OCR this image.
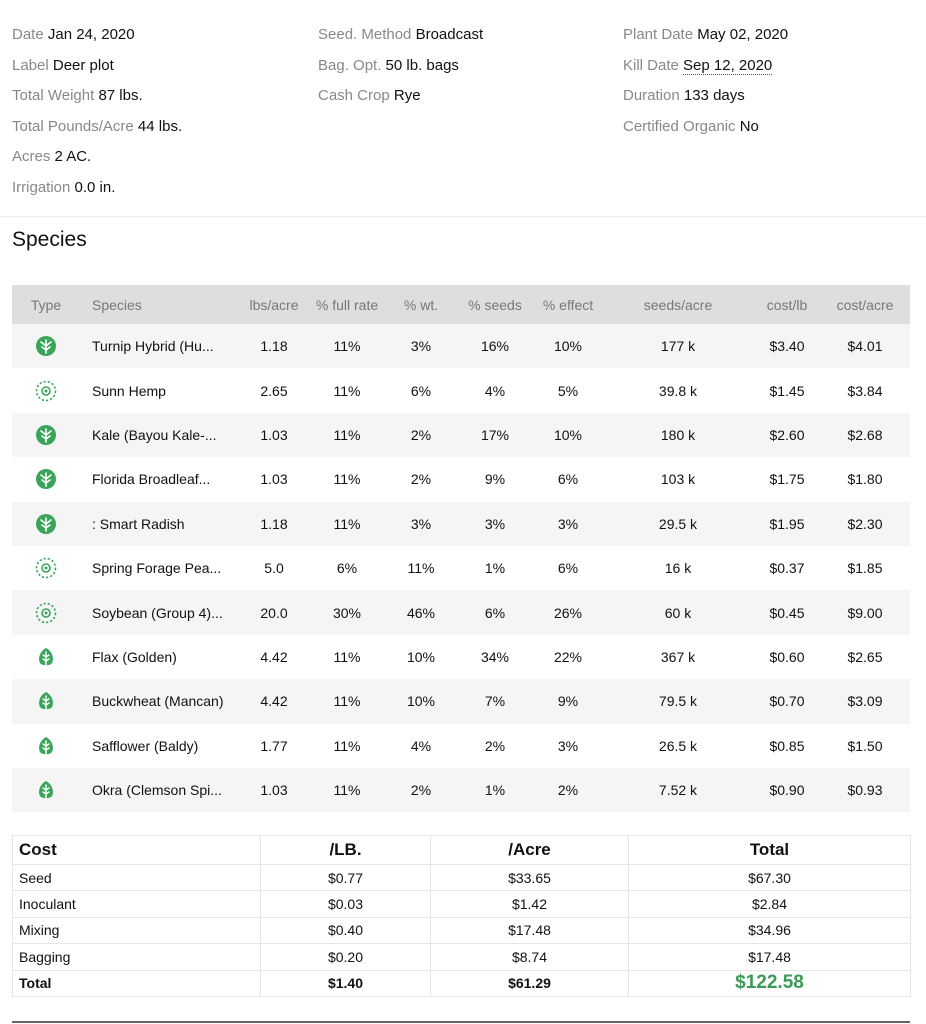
Date Jan 24, 2020
Label Deer plot
Total Weight 87 lbs.
Total Pounds/Acre 44 lbs.
Acres 2 AC.
Irrigation 0.0 in.
Seed. Method Broadcast
Bag. Opt. 50 lb. bags
Cash Crop Rye
Plant Date May 02, 2020
Kill Date Sep 12, 2020
Duration 133 days
Certified Organic No
Species
Type	Species	lbs/acre	% full rate	% wt.	% seeds	% effect	seeds/acre	cost/lb	cost/acre
	Turnip Hybrid (Hu...	1.18	11%	3%	16%	10%	177 k	$3.40	$4.01
	Sunn Hemp	2.65	11%	6%	4%	5%	39.8 k	$1.45	$3.84
	Kale (Bayou Kale-...	1.03	11%	2%	17%	10%	180 k	$2.60	$2.68
	Florida Broadleaf...	1.03	11%	2%	9%	6%	103 k	$1.75	$1.80
	: Smart Radish	1.18	11%	3%	3%	3%	29.5 k	$1.95	$2.30
	Spring Forage Pea...	5.0	6%	11%	1%	6%	16 k	$0.37	$1.85
	Soybean (Group 4)...	20.0	30%	46%	6%	26%	60 k	$0.45	$9.00
	Flax (Golden)	4.42	11%	10%	34%	22%	367 k	$0.60	$2.65
	Buckwheat (Mancan)	4.42	11%	10%	7%	9%	79.5 k	$0.70	$3.09
	Safflower (Baldy)	1.77	11%	4%	2%	3%	26.5 k	$0.85	$1.50
	Okra (Clemson Spi...	1.03	11%	2%	1%	2%	7.52 k	$0.90	$0.93
Cost	/LB.	/Acre	Total
Seed	$0.77	$33.65	$67.30
Inoculant	$0.03	$1.42	$2.84
Mixing	$0.40	$17.48	$34.96
Bagging	$0.20	$8.74	$17.48
Total	$1.40	$61.29	$122.58
